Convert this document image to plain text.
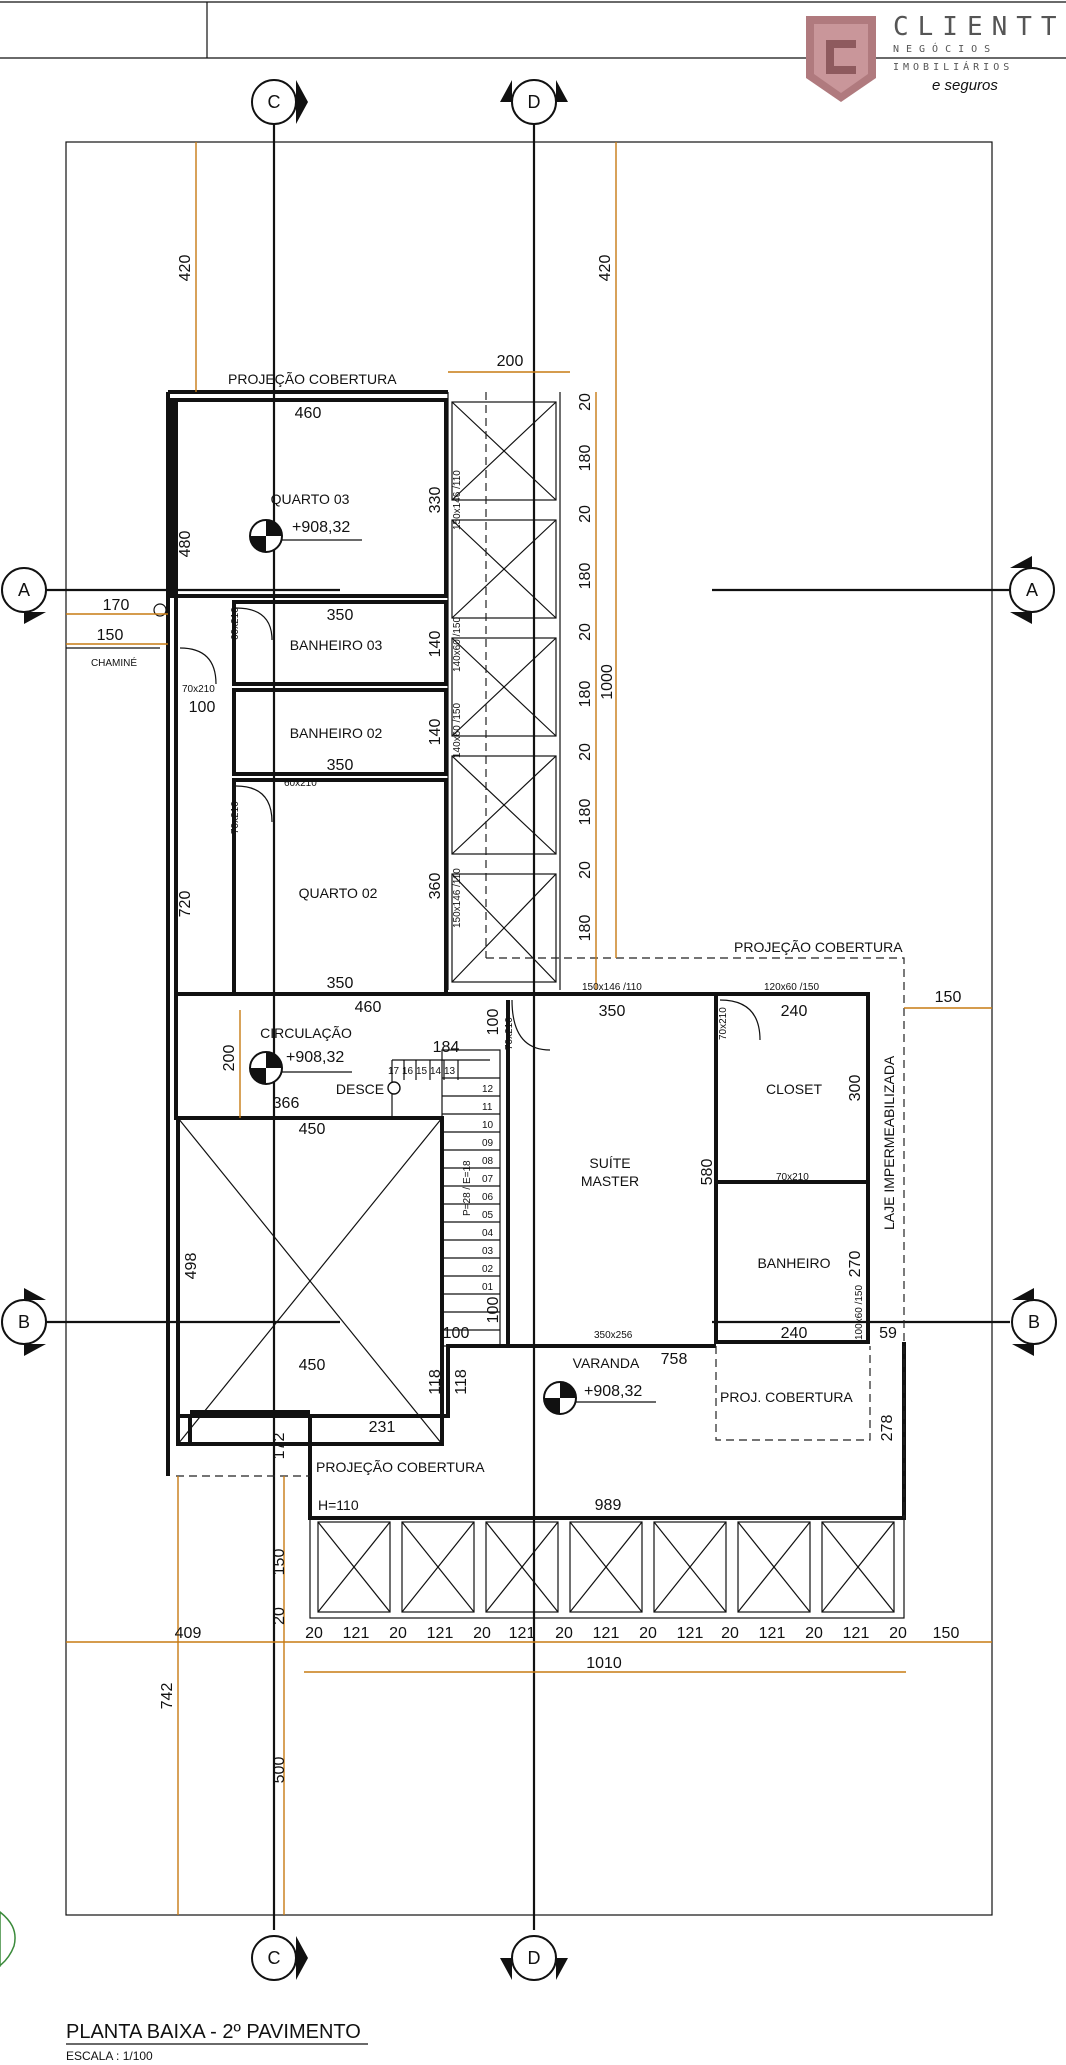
CLIENTT
NEGÓCIOS
IMOBILIÁRIOS
e seguros
C	D
C	D
A	A
B	B
QUARTO 03
BANHEIRO 03
BANHEIRO 02
QUARTO 02
CIRCULAÇÃO
SUÍTE
MASTER
CLOSET
BANHEIRO
VARANDA
CHAMINÉ
DESCE	LAJE IMPERMEABILIZADA
+908,32
+908,32
+908,32
PROJEÇÃO COBERTURA
PROJEÇÃO COBERTURA
PROJEÇÃO COBERTURA
PROJ. COBERTURA
H=110
150x146 /110
140x60 /150
140x60 /150
150x146 /110
60x210
70x210
60x210
70x210
70x210
150x146 /110	120x60 /150
70x210
70x210
100x60 /150
350x256
P=28 / E=18
17 16 15 14 13
12
11
10
09
08
07
06
05
04
03
02
01
420	420
200
460
480
330
350
170
150
100
140
140
350
720
360
350
460
200
366
184
450
498
100
118 118
450
231
100
100
350	240
300
580
270
240	59
758
278
150
989
172
150
20
20
180
20
180
20
180
20
180
20
180
1000
409	150
1010
742
500
20	20	20	20	20	20	20	20
121	121	121	121	121	121	121
PLANTA BAIXA - 2º PAVIMENTO
ESCALA : 1/100
